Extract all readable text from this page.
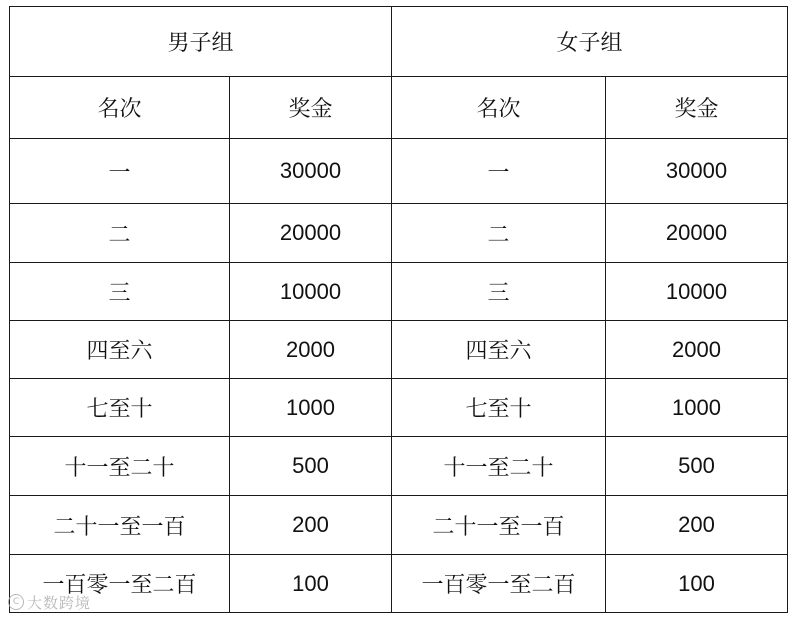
男子组		女子组	
名次	奖金	名次	奖金
一	30000	一	30000
二	20000	二	20000
三	10000	三	10000
四至六	2000	四至六	2000
七至十	1000	七至十	1000
十一至二十	500	十一至二十	500
二十一至一百	200	二十一至一百	200
一百零一至二百	100	一百零一至二百	100
C 大数跨境
